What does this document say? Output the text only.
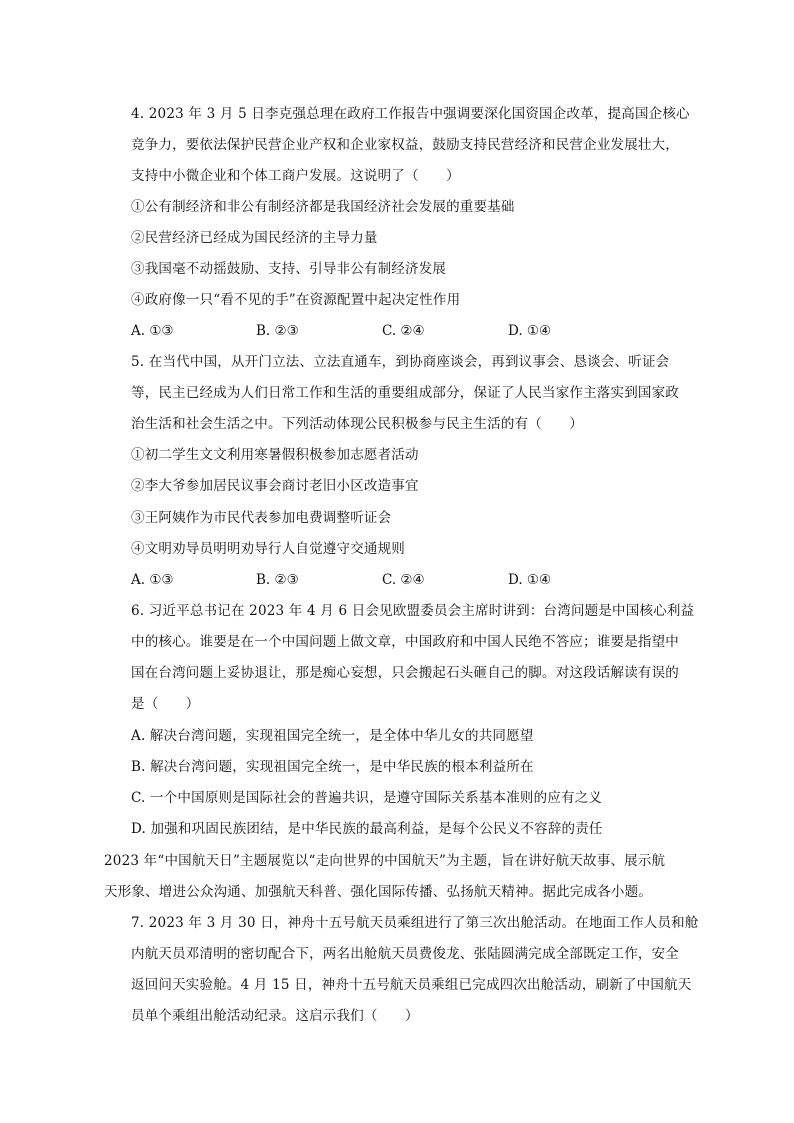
4. 2023 年 3 月 5 日李克强总理在政府工作报告中强调要深化国资国企改革，提高国企核心
竞争力，要依法保护民营企业产权和企业家权益，鼓励支持民营经济和民营企业发展壮大，
支持中小微企业和个体工商户发展。这说明了（　　）
①公有制经济和非公有制经济都是我国经济社会发展的重要基础
②民营经济已经成为国民经济的主导力量
③我国毫不动摇鼓励、支持、引导非公有制经济发展
④政府像一只“看不见的手”在资源配置中起决定性作用
A. ①③	B. ②③	C. ②④	D. ①④
5. 在当代中国，从开门立法、立法直通车，到协商座谈会，再到议事会、恳谈会、听证会
等，民主已经成为人们日常工作和生活的重要组成部分，保证了人民当家作主落实到国家政
治生活和社会生活之中。下列活动体现公民积极参与民主生活的有（　　）
①初二学生文文利用寒暑假积极参加志愿者活动
②李大爷参加居民议事会商讨老旧小区改造事宜
③王阿姨作为市民代表参加电费调整听证会
④文明劝导员明明劝导行人自觉遵守交通规则
A. ①③	B. ②③	C. ②④	D. ①④
6. 习近平总书记在 2023 年 4 月 6 日会见欧盟委员会主席时讲到：台湾问题是中国核心利益
中的核心。谁要是在一个中国问题上做文章，中国政府和中国人民绝不答应；谁要是指望中
国在台湾问题上妥协退让，那是痴心妄想，只会搬起石头砸自己的脚。对这段话解读有误的
是（　　）
A. 解决台湾问题，实现祖国完全统一，是全体中华儿女的共同愿望
B. 解决台湾问题，实现祖国完全统一，是中华民族的根本利益所在
C. 一个中国原则是国际社会的普遍共识，是遵守国际关系基本准则的应有之义
D. 加强和巩固民族团结，是中华民族的最高利益，是每个公民义不容辞的责任
2023 年“中国航天日”主题展览以“走向世界的中国航天”为主题，旨在讲好航天故事、展示航
天形象、增进公众沟通、加强航天科普、强化国际传播、弘扬航天精神。据此完成各小题。
7. 2023 年 3 月 30 日，神舟十五号航天员乘组进行了第三次出舱活动。在地面工作人员和舱
内航天员邓清明的密切配合下，两名出舱航天员费俊龙、张陆圆满完成全部既定工作，安全
返回问天实验舱。4 月 15 日，神舟十五号航天员乘组已完成四次出舱活动，刷新了中国航天
员单个乘组出舱活动纪录。这启示我们（　　）
